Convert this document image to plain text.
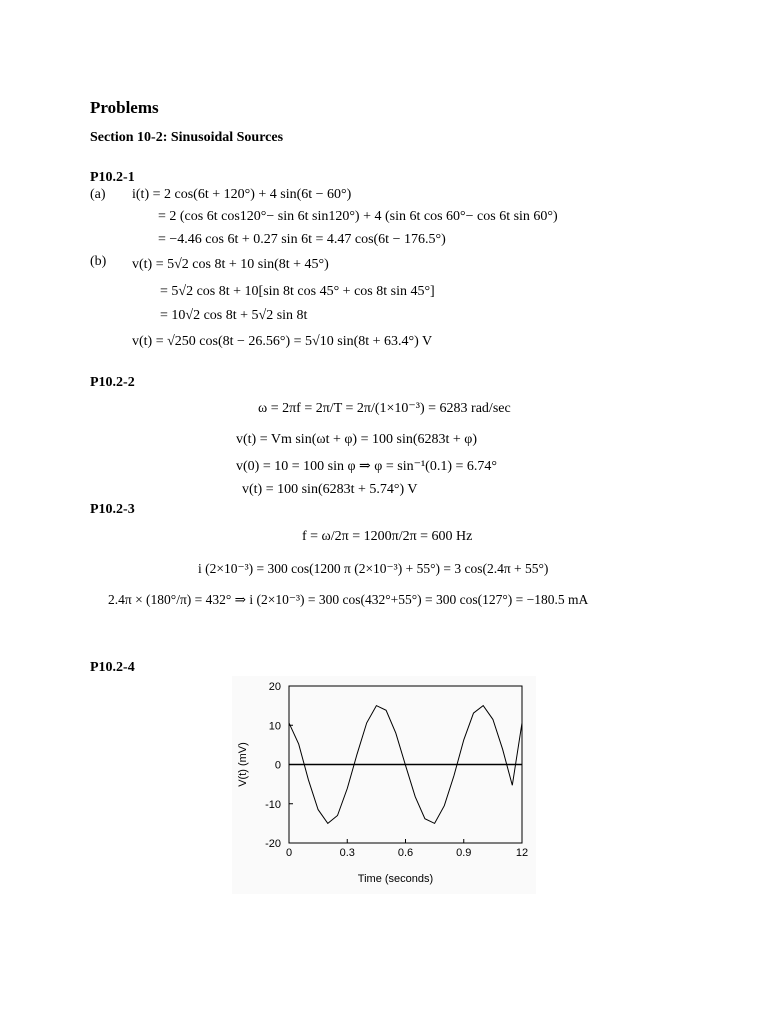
Problems
Section 10-2: Sinusoidal Sources
P10.2-1
(a) i(t) = 2 cos(6t + 120°) + 4 sin(6t − 60°)
= 2 (cos 6t cos120°− sin 6t sin120°) + 4 (sin 6t cos 60°− cos 6t sin 60°)
= −4.46 cos 6t + 0.27 sin 6t = 4.47 cos(6t − 176.5°)
(b) v(t) = 5√2 cos 8t + 10 sin(8t + 45°)
= 5√2 cos 8t + 10[sin 8t cos 45° + cos 8t sin 45°]
= 10√2 cos 8t + 5√2 sin 8t
v(t) = √250 cos(8t − 26.56°) = 5√10 sin(8t + 63.4°) V
P10.2-2
ω = 2πf = 2π/T = 2π/(1×10⁻³) = 6283 rad/sec
v(t) = Vm sin(ωt + φ) = 100 sin(6283t + φ)
v(0) = 10 = 100 sin φ ⇒ φ = sin⁻¹(0.1) = 6.74°
v(t) = 100 sin(6283t + 5.74°) V
P10.2-3
f = ω/2π = 1200π/2π = 600 Hz
i (2×10⁻³) = 300 cos(1200 π (2×10⁻³) + 55°) = 3 cos(2.4π + 55°)
2.4π × (180°/π) = 432° ⇒ i (2×10⁻³) = 300 cos(432°+55°) = 300 cos(127°) = −180.5 mA
P10.2-4
-20
-10
0
10
20
0	0.3	0.6	0.9	12
Time (seconds)
V(t) (mV)
